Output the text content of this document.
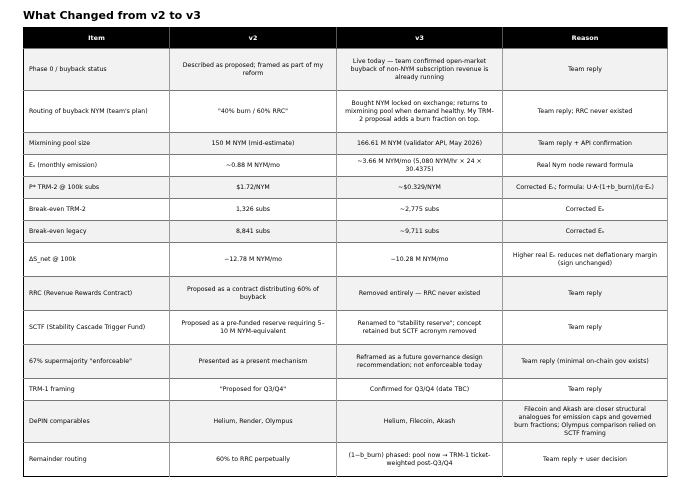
What Changed from v2 to v3
Item	v2	v3	Reason
Phase 0 / buyback status	Described as proposed; framed as part of my reform	Live today — team confirmed open-market buyback of non-NYM subscription revenue is already running	Team reply
Routing of buyback NYM (team's plan)	"40% burn / 60% RRC"	Bought NYM locked on exchange; returns to mixmining pool when demand healthy. My TRM-2 proposal adds a burn fraction on top.	Team reply; RRC never existed
Mixmining pool size	150 M NYM (mid-estimate)	166.61 M NYM (validator API, May 2026)	Team reply + API confirmation
Eₙ (monthly emission)	~0.88 M NYM/mo	~3.66 M NYM/mo (5,080 NYM/hr × 24 × 30.4375)	Real Nym node reward formula
P* TRM-2 @ 100k subs	$1.72/NYM	~$0.329/NYM	Corrected Eₙ; formula: U·A·(1+b_burn)/(α·Eₙ)
Break-even TRM-2	1,326 subs	~2,775 subs	Corrected Eₙ
Break-even legacy	8,841 subs	~9,711 subs	Corrected Eₙ
ΔS_net @ 100k	−12.78 M NYM/mo	−10.28 M NYM/mo	Higher real Eₙ reduces net deflationary margin (sign unchanged)
RRC (Revenue Rewards Contract)	Proposed as a contract distributing 60% of buyback	Removed entirely — RRC never existed	Team reply
SCTF (Stability Cascade Trigger Fund)	Proposed as a pre-funded reserve requiring 5–10 M NYM-equivalent	Renamed to "stability reserve"; concept retained but SCTF acronym removed	Team reply
67% supermajority "enforceable"	Presented as a present mechanism	Reframed as a future governance design recommendation; not enforceable today	Team reply (minimal on-chain gov exists)
TRM-1 framing	"Proposed for Q3/Q4"	Confirmed for Q3/Q4 (date TBC)	Team reply
DePIN comparables	Helium, Render, Olympus	Helium, Filecoin, Akash	Filecoin and Akash are closer structural analogues for emission caps and governed burn fractions; Olympus comparison relied on SCTF framing
Remainder routing	60% to RRC perpetually	(1−b_burn) phased: pool now → TRM-1 ticket-weighted post-Q3/Q4	Team reply + user decision
